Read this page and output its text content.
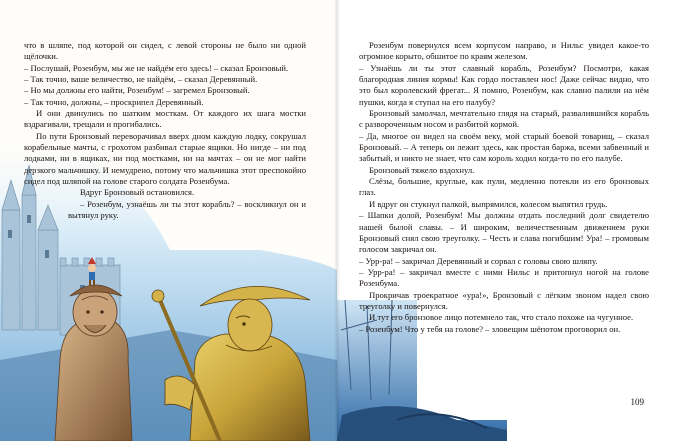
что в шляпе, под которой он сидел, с левой стороны не было ни одной щёлочки.

– Послушай, Розенбум, мы же не найдём его здесь! – сказал Бронзовый.

– Так точно, ваше величество, не найдём, – сказал Деревянный.

– Но мы должны его найти, Розенбум! – загремел Бронзовый.

– Так точно, должны, – проскрипел Деревянный.

И они двинулись по шатким мосткам. От каждого их шага мостки вздрагивали, трещали и прогибались.

По пути Бронзовый переворачивал вверх дном каждую лодку, сокрушал корабельные мачты, с грохотом разбивал старые ящики. Но нигде – ни под лодками, ни в ящиках, ни под мостками, ни на мачтах – он не мог найти дерзкого мальчишку. И немудрено, потому что мальчишка этот преспокойно сидел под шляпой на голове старого солдата Розенбума.

Вдруг Бронзовый остановился.

– Розенбум, узнаёшь ли ты этот корабль? – воскликнул он и вытянул руку.

Розенбум повернулся всем корпусом направо, и Нильс увидел какое-то огромное корыто, обшитое по краям железом.

– Узнаёшь ли ты этот славный корабль, Розенбум? Посмотри, какая благородная линия кормы! Как гордо поставлен нос! Даже сейчас видно, что это был королевский фрегат... Я помню, Розенбум, как славно палили на нём пушки, когда я ступал на его палубу?

Бронзовый замолчал, мечтательно глядя на старый, развалившийся корабль с развороченным носом и разбитой кормой.

– Да, многое он видел на своём веку, мой старый боевой товарищ, – сказал Бронзовый. – А теперь он лежит здесь, как простая баржа, всеми забвенный и забытый, и никто не знает, что сам король ходил когда-то по его палубе.

Бронзовый тяжело вздохнул.

Слёзы, большие, круглые, как пули, медленно потекли из его бронзовых глаз.

И вдруг он стукнул палкой, выпрямился, колесом выпятил грудь.

– Шапки долой, Розенбум! Мы должны отдать последний долг свидетелю нашей былой славы. – И широким, величественным движением руки Бронзовый снял свою треуголку. – Честь и слава погибшим! Ура! – громовым голосом закричал он.

– Урр-ра! – закричал Деревянный и сорвал с головы свою шляпу.

– Урр-ра! – закричал вместе с ними Нильс и притопнул ногой на голове Розенбума.

Прокричав троекратное «ура!», Бронзовый с лёгким звоном надел свою треуголку и повернулся.

И тут его бронзовое лицо потемнело так, что стало похоже на чугунное.

– Розенбум! Что у тебя на голове? – зловещим шёпотом проговорил он.

109
